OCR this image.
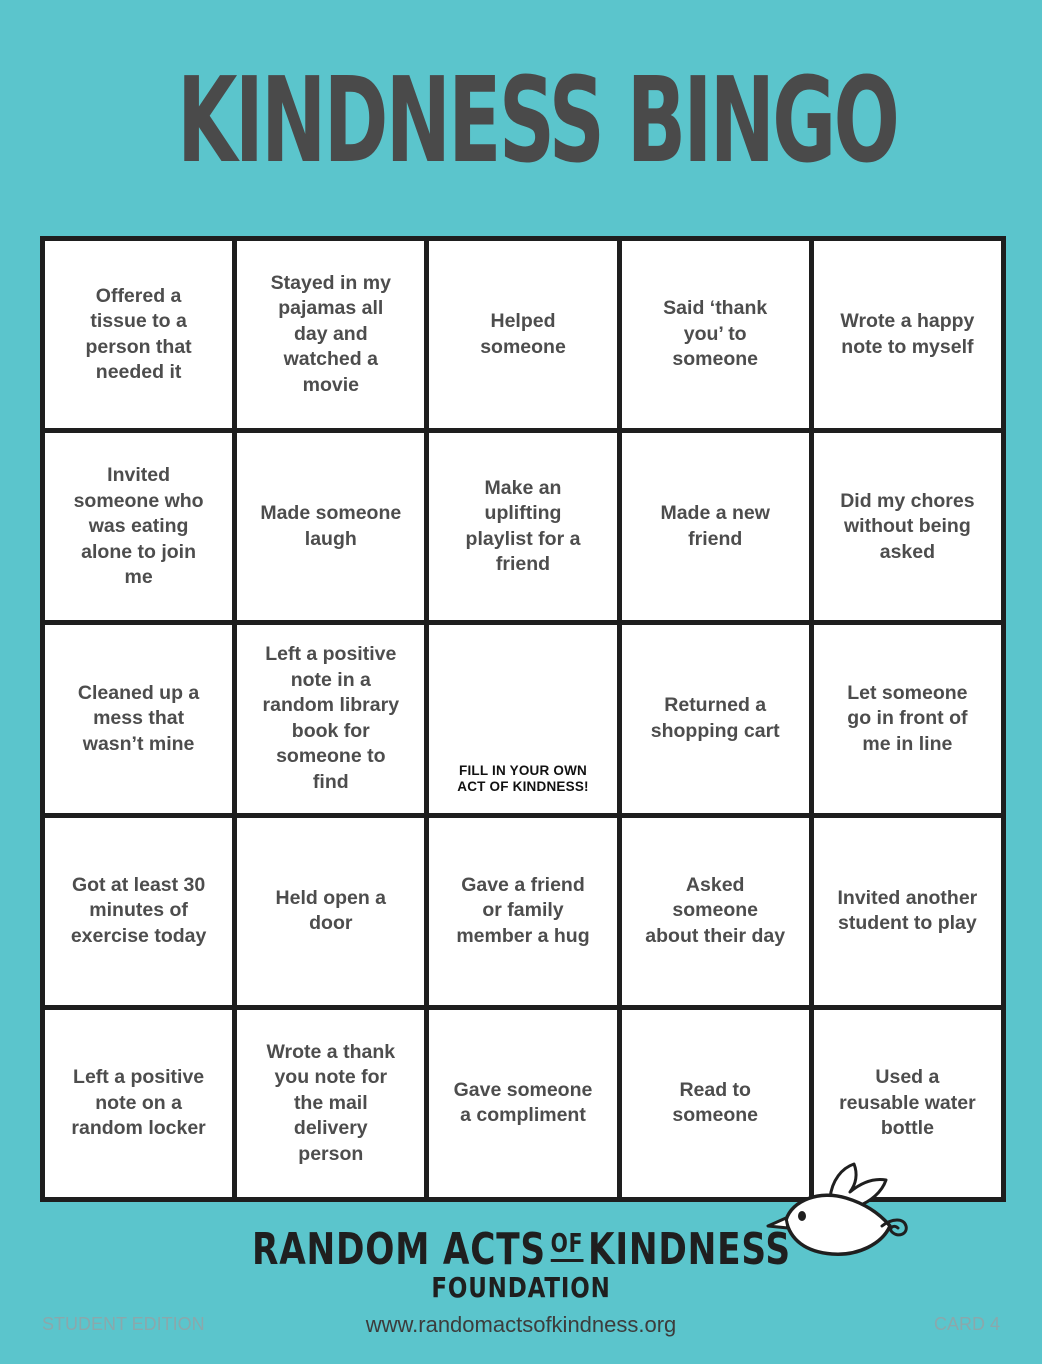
KINDNESS BINGO
Offered a tissue to a person that needed it
Stayed in my pajamas all day and watched a movie
Helped someone
Said ‘thank you’ to someone
Wrote a happy note to myself
Invited someone who was eating alone to join me
Made someone laugh
Make an uplifting playlist for a friend
Made a new friend
Did my chores without being asked
Cleaned up a mess that wasn’t mine
Left a positive note in a random library book for someone to find
FILL IN YOUR OWN ACT OF KINDNESS!
Returned a shopping cart
Let someone go in front of me in line
Got at least 30 minutes of exercise today
Held open a door
Gave a friend or family member a hug
Asked someone about their day
Invited another student to play
Left a positive note on a random locker
Wrote a thank you note for the mail delivery person
Gave someone a compliment
Read to someone
Used a reusable water bottle
RANDOM ACTS $^{OF}$ KINDNESS
FOUNDATION
STUDENT EDITION	www.randomactsofkindness.org	CARD 4
